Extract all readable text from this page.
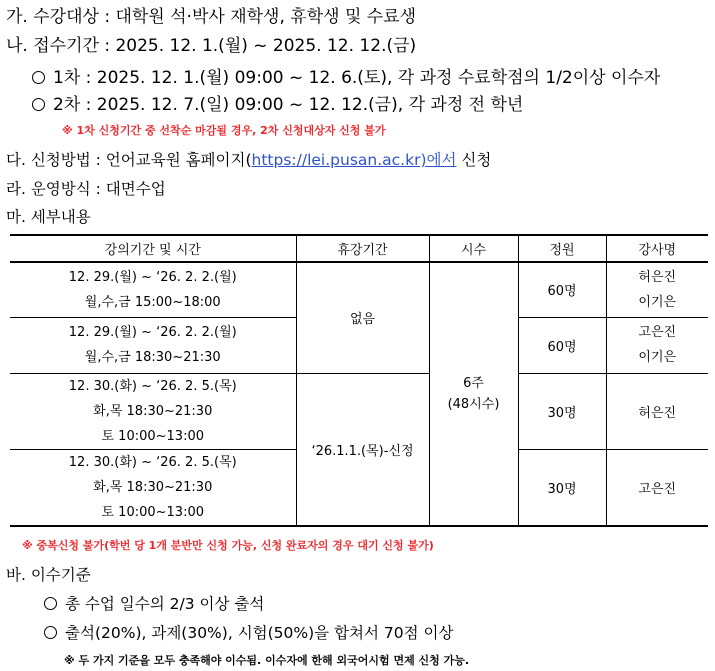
가. 수강대상 : 대학원 석·박사 재학생, 휴학생 및 수료생
나. 접수기간 : 2025. 12. 1.(월) ~ 2025. 12. 12.(금)
1차 : 2025. 12. 1.(월) 09:00 ~ 12. 6.(토), 각 과정 수료학점의 1/2이상 이수자
2차 : 2025. 12. 7.(일) 09:00 ~ 12. 12.(금), 각 과정 전 학년
※ 1차 신청기간 중 선착순 마감될 경우, 2차 신청대상자 신청 불가
다. 신청방법 : 언어교육원 홈페이지(https://lei.pusan.ac.kr)에서 신청
라. 운영방식 : 대면수업
마. 세부내용
강의기간 및 시간	휴강기간	시수	정원	강사명

12. 29.(월) ~ ‘26. 2. 2.(월)
월,수,금 15:00~18:00	없음	6주
(48시수)	60명	허은진
이기은

12. 29.(월) ~ ‘26. 2. 2.(월)
월,수,금 18:30~21:30			60명	고은진
이기은

12. 30.(화) ~ ‘26. 2. 5.(목)
화,목 18:30~21:30
토 10:00~13:00	‘26.1.1.(목)-신정		30명	허은진

12. 30.(화) ~ ‘26. 2. 5.(목)
화,목 18:30~21:30
토 10:00~13:00			30명	고은진
※ 중복신청 불가(학번 당 1개 분반만 신청 가능, 신청 완료자의 경우 대기 신청 불가)
바. 이수기준
총 수업 일수의 2/3 이상 출석
출석(20%), 과제(30%), 시험(50%)을 합쳐서 70점 이상
※ 두 가지 기준을 모두 충족해야 이수됨. 이수자에 한해 외국어시험 면제 신청 가능.
